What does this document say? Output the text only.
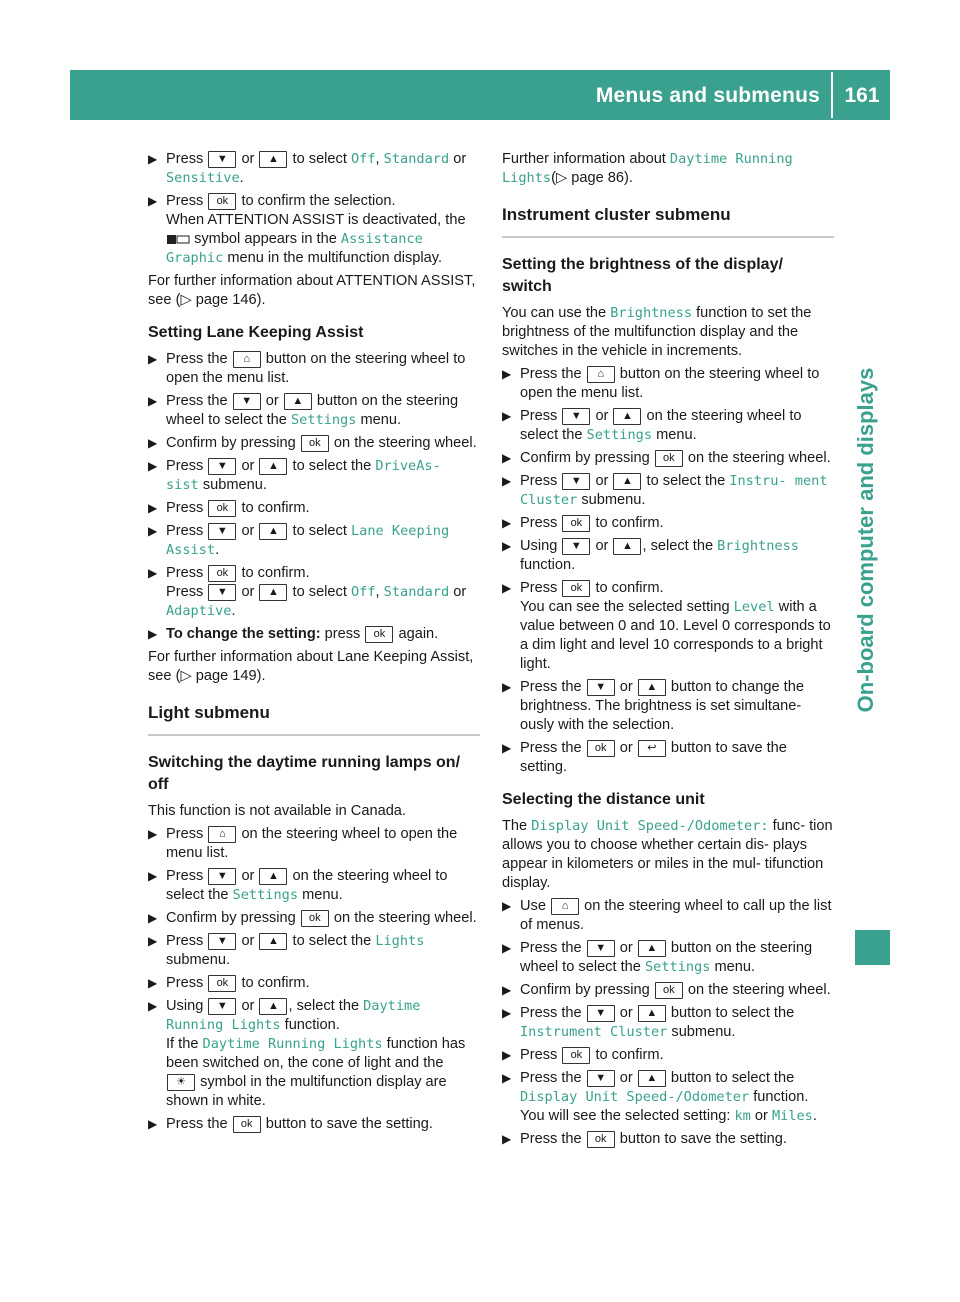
Menus and submenus 161
On-board computer and displays
▶ Press ▼ or ▲ to select Off, Standard or Sensitive.
▶ Press ok to confirm the selection.
When ATTENTION ASSIST is deactivated, the
symbol appears in the Assistance Graphic menu in the multifunction display.

For further information about ATTENTION ASSIST, see (▷ page 146).

Setting Lane Keeping Assist
▶ Press the ⌂ button on the steering wheel to open the menu list.
▶ Press the ▼ or ▲ button on the steering wheel to select the Settings menu.
▶ Confirm by pressing ok on the steering wheel.
▶ Press ▼ or ▲ to select the DriveAs‐ sist submenu.
▶ Press ok to confirm.
▶ Press ▼ or ▲ to select Lane Keeping Assist.
▶ Press ok to confirm.
Press ▼ or ▲ to select Off, Standard or Adaptive.
▶ To change the setting: press ok again.

For further information about Lane Keeping Assist, see (▷ page 149).

Light submenu
Switching the daytime running lamps on/ off

This function is not available in Canada.

▶ Press ⌂ on the steering wheel to open the menu list.
▶ Press ▼ or ▲ on the steering wheel to select the Settings menu.
▶ Confirm by pressing ok on the steering wheel.
▶ Press ▼ or ▲ to select the Lights submenu.
▶ Press ok to confirm.
▶ Using ▼ or ▲ , select the Daytime Running Lights function.
If the Daytime Running Lights function has been switched on, the cone of light and the
☀ symbol in the multifunction display are shown in white.
▶ Press the ok button to save the setting.

Further information about Daytime Running Lights(▷ page 86).

Instrument cluster submenu
Setting the brightness of the display/ switch

You can use the Brightness function to set the brightness of the multifunction display and the switches in the vehicle in increments.

▶ Press the ⌂ button on the steering wheel to open the menu list.
▶ Press ▼ or ▲ on the steering wheel to select the Settings menu.
▶ Confirm by pressing ok on the steering wheel.
▶ Press ▼ or ▲ to select the Instru‐ ment Cluster submenu.
▶ Press ok to confirm.
▶ Using ▼ or ▲ , select the Brightness function.
▶ Press ok to confirm.
You can see the selected setting Level with a value between 0 and 10. Level 0 corresponds to a dim light and level 10 corresponds to a bright light.
▶ Press the ▼ or ▲ button to change the brightness. The brightness is set simultane‐ ously with the selection.
▶ Press the ok or ↩ button to save the setting.
Selecting the distance unit

The Display Unit Speed-/Odometer: func‐ tion allows you to choose whether certain dis‐ plays appear in kilometers or miles in the mul‐ tifunction display.

▶ Use ⌂ on the steering wheel to call up the list of menus.
▶ Press the ▼ or ▲ button on the steering wheel to select the Settings menu.
▶ Confirm by pressing ok on the steering wheel.
▶ Press the ▼ or ▲ button to select the Instrument Cluster submenu.
▶ Press ok to confirm.
▶ Press the ▼ or ▲ button to select the Display Unit Speed-/Odometer function.
You will see the selected setting: km or Miles.
▶ Press the ok button to save the setting.
